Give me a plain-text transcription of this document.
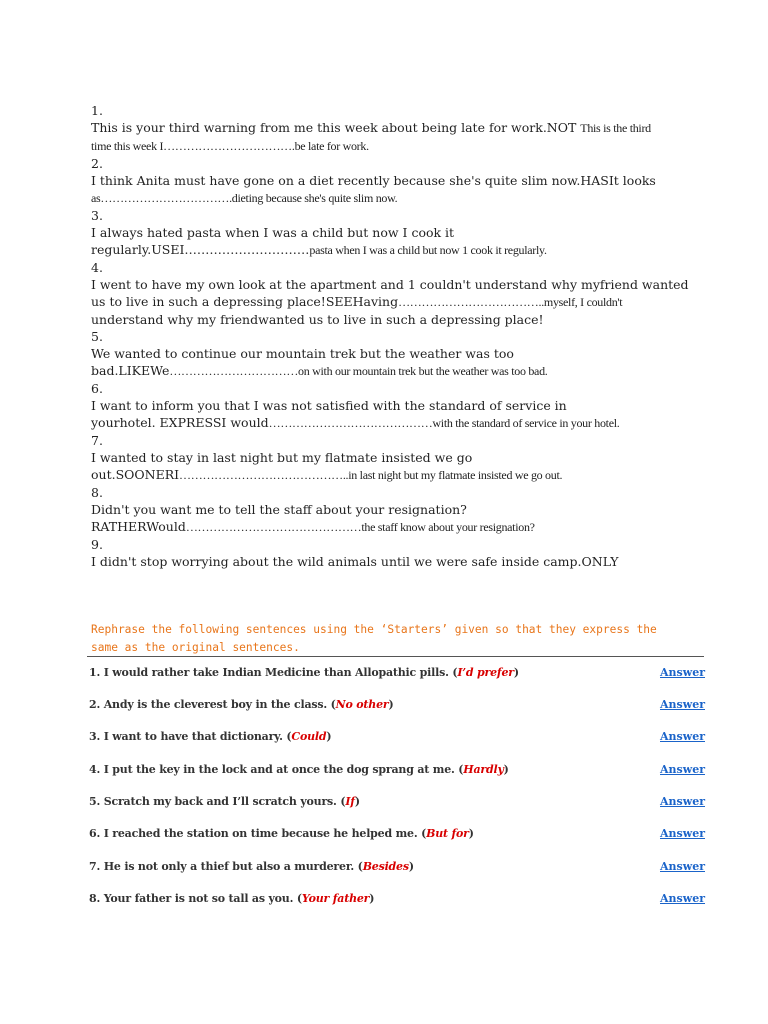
1.
This is your third warning from me this week about being late for work.NOT This is the third
time this week I…………………………….be late for work.
2.
I think Anita must have gone on a diet recently because she's quite slim now.HASIt looks
as…………………………….dieting because she's quite slim now.
3.
I always hated pasta when I was a child but now I cook it
regularly.USEI…………………………pasta when I was a child but now 1 cook it regularly.
4.
I went to have my own look at the apartment and 1 couldn't understand why myfriend wanted
us to live in such a depressing place!SEEHaving………………………………..myself, I couldn't
understand why my friendwanted us to live in such a depressing place!
5.
We wanted to continue our mountain trek but the weather was too
bad.LIKEWe……………………………on with our mountain trek but the weather was too bad.
6.
I want to inform you that I was not satisfied with the standard of service in
yourhotel. EXPRESSI would……………………………………with the standard of service in your hotel.
7.
I wanted to stay in last night but my flatmate insisted we go
out.SOONERI……………………………………..in last night but my flatmate insisted we go out.
8.
Didn't you want me to tell the staff about your resignation?
RATHERWould………………………………………the staff know about your resignation?
9.
I didn't stop worrying about the wild animals until we were safe inside camp.ONLY
Rephrase the following sentences using the ‘Starters’ given so that they express the same as the original sentences.
1. I would rather take Indian Medicine than Allopathic pills. (I’d prefer)	Answer
2. Andy is the cleverest boy in the class. (No other)	Answer
3. I want to have that dictionary. (Could)	Answer
4. I put the key in the lock and at once the dog sprang at me. (Hardly)	Answer
5. Scratch my back and I’ll scratch yours. (If)	Answer
6. I reached the station on time because he helped me. (But for)	Answer
7. He is not only a thief but also a murderer. (Besides)	Answer
8. Your father is not so tall as you. (Your father)	Answer
